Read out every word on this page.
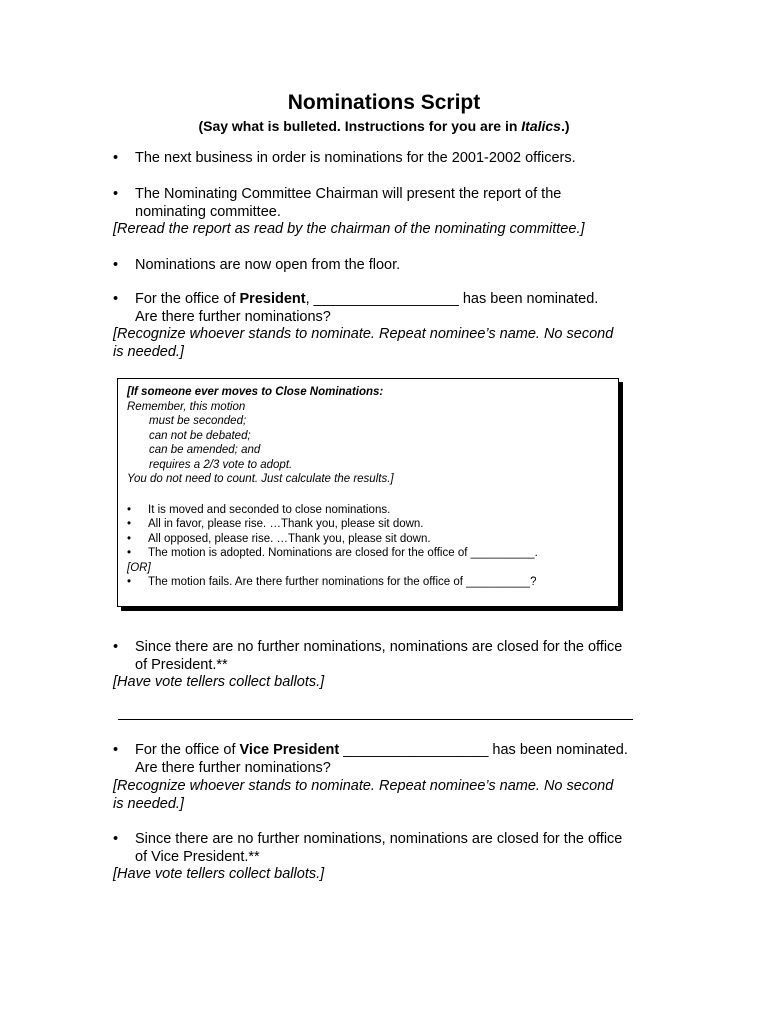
Nominations Script
(Say what is bulleted. Instructions for you are in Italics.)
•	The next business in order is nominations for the 2001-2002 officers.
•	The Nominating Committee Chairman will present the report of the
nominating committee.
[Reread the report as read by the chairman of the nominating committee.]
•	Nominations are now open from the floor.
•	For the office of President, __________________ has been nominated.
Are there further nominations?
[Recognize whoever stands to nominate. Repeat nominee’s name. No second
is needed.]
[If someone ever moves to Close Nominations:
Remember, this motion
must be seconded;
can not be debated;
can be amended; and
requires a 2/3 vote to adopt.
You do not need to count. Just calculate the results.]
• It is moved and seconded to close nominations.
• All in favor, please rise. …Thank you, please sit down.
• All opposed, please rise. …Thank you, please sit down.
• The motion is adopted. Nominations are closed for the office of __________.
[OR]
• The motion fails. Are there further nominations for the office of __________?
•	Since there are no further nominations, nominations are closed for the office
of President.**
[Have vote tellers collect ballots.]
•	For the office of Vice President __________________ has been nominated.
Are there further nominations?
[Recognize whoever stands to nominate. Repeat nominee’s name. No second
is needed.]
•	Since there are no further nominations, nominations are closed for the office
of Vice President.**
[Have vote tellers collect ballots.]
